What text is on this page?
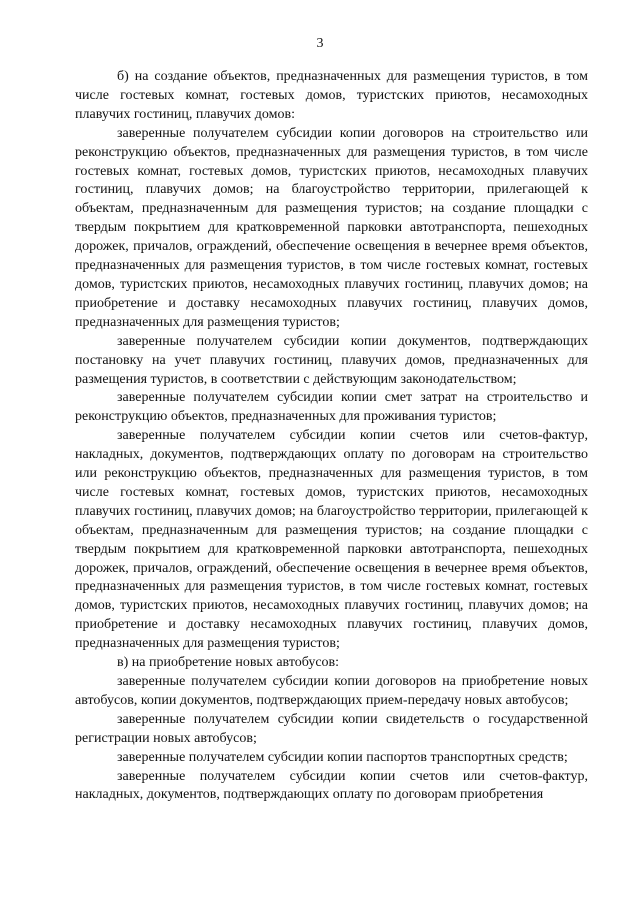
3

б) на создание объектов, предназначенных для размещения туристов, в том числе гостевых комнат, гостевых домов, туристских приютов, несамоходных плавучих гостиниц, плавучих домов:

заверенные получателем субсидии копии договоров на строительство или реконструкцию объектов, предназначенных для размещения туристов, в том числе гостевых комнат, гостевых домов, туристских приютов, несамоходных плавучих гостиниц, плавучих домов; на благоустройство территории, прилегающей к объектам, предназначенным для размещения туристов; на создание площадки с твердым покрытием для кратковременной парковки автотранспорта, пешеходных дорожек, причалов, ограждений, обеспечение освещения в вечернее время объектов, предназначенных для размещения туристов, в том числе гостевых комнат, гостевых домов, туристских приютов, несамоходных плавучих гостиниц, плавучих домов; на приобретение и доставку несамоходных плавучих гостиниц, плавучих домов, предназначенных для размещения туристов;

заверенные получателем субсидии копии документов, подтверждающих постановку на учет плавучих гостиниц, плавучих домов, предназначенных для размещения туристов, в соответствии с действующим законодательством;

заверенные получателем субсидии копии смет затрат на строительство и реконструкцию объектов, предназначенных для проживания туристов;

заверенные получателем субсидии копии счетов или счетов-фактур, накладных, документов, подтверждающих оплату по договорам на строительство или реконструкцию объектов, предназначенных для размещения туристов, в том числе гостевых комнат, гостевых домов, туристских приютов, несамоходных плавучих гостиниц, плавучих домов; на благоустройство территории, прилегающей к объектам, предназначенным для размещения туристов; на создание площадки с твердым покрытием для кратковременной парковки автотранспорта, пешеходных дорожек, причалов, ограждений, обеспечение освещения в вечернее время объектов, предназначенных для размещения туристов, в том числе гостевых комнат, гостевых домов, туристских приютов, несамоходных плавучих гостиниц, плавучих домов; на приобретение и доставку несамоходных плавучих гостиниц, плавучих домов, предназначенных для размещения туристов;

в) на приобретение новых автобусов:

заверенные получателем субсидии копии договоров на приобретение новых автобусов, копии документов, подтверждающих прием-передачу новых автобусов;

заверенные получателем субсидии копии свидетельств о государственной регистрации новых автобусов;

заверенные получателем субсидии копии паспортов транспортных средств;

заверенные получателем субсидии копии счетов или счетов-фактур, накладных, документов, подтверждающих оплату по договорам приобретения
